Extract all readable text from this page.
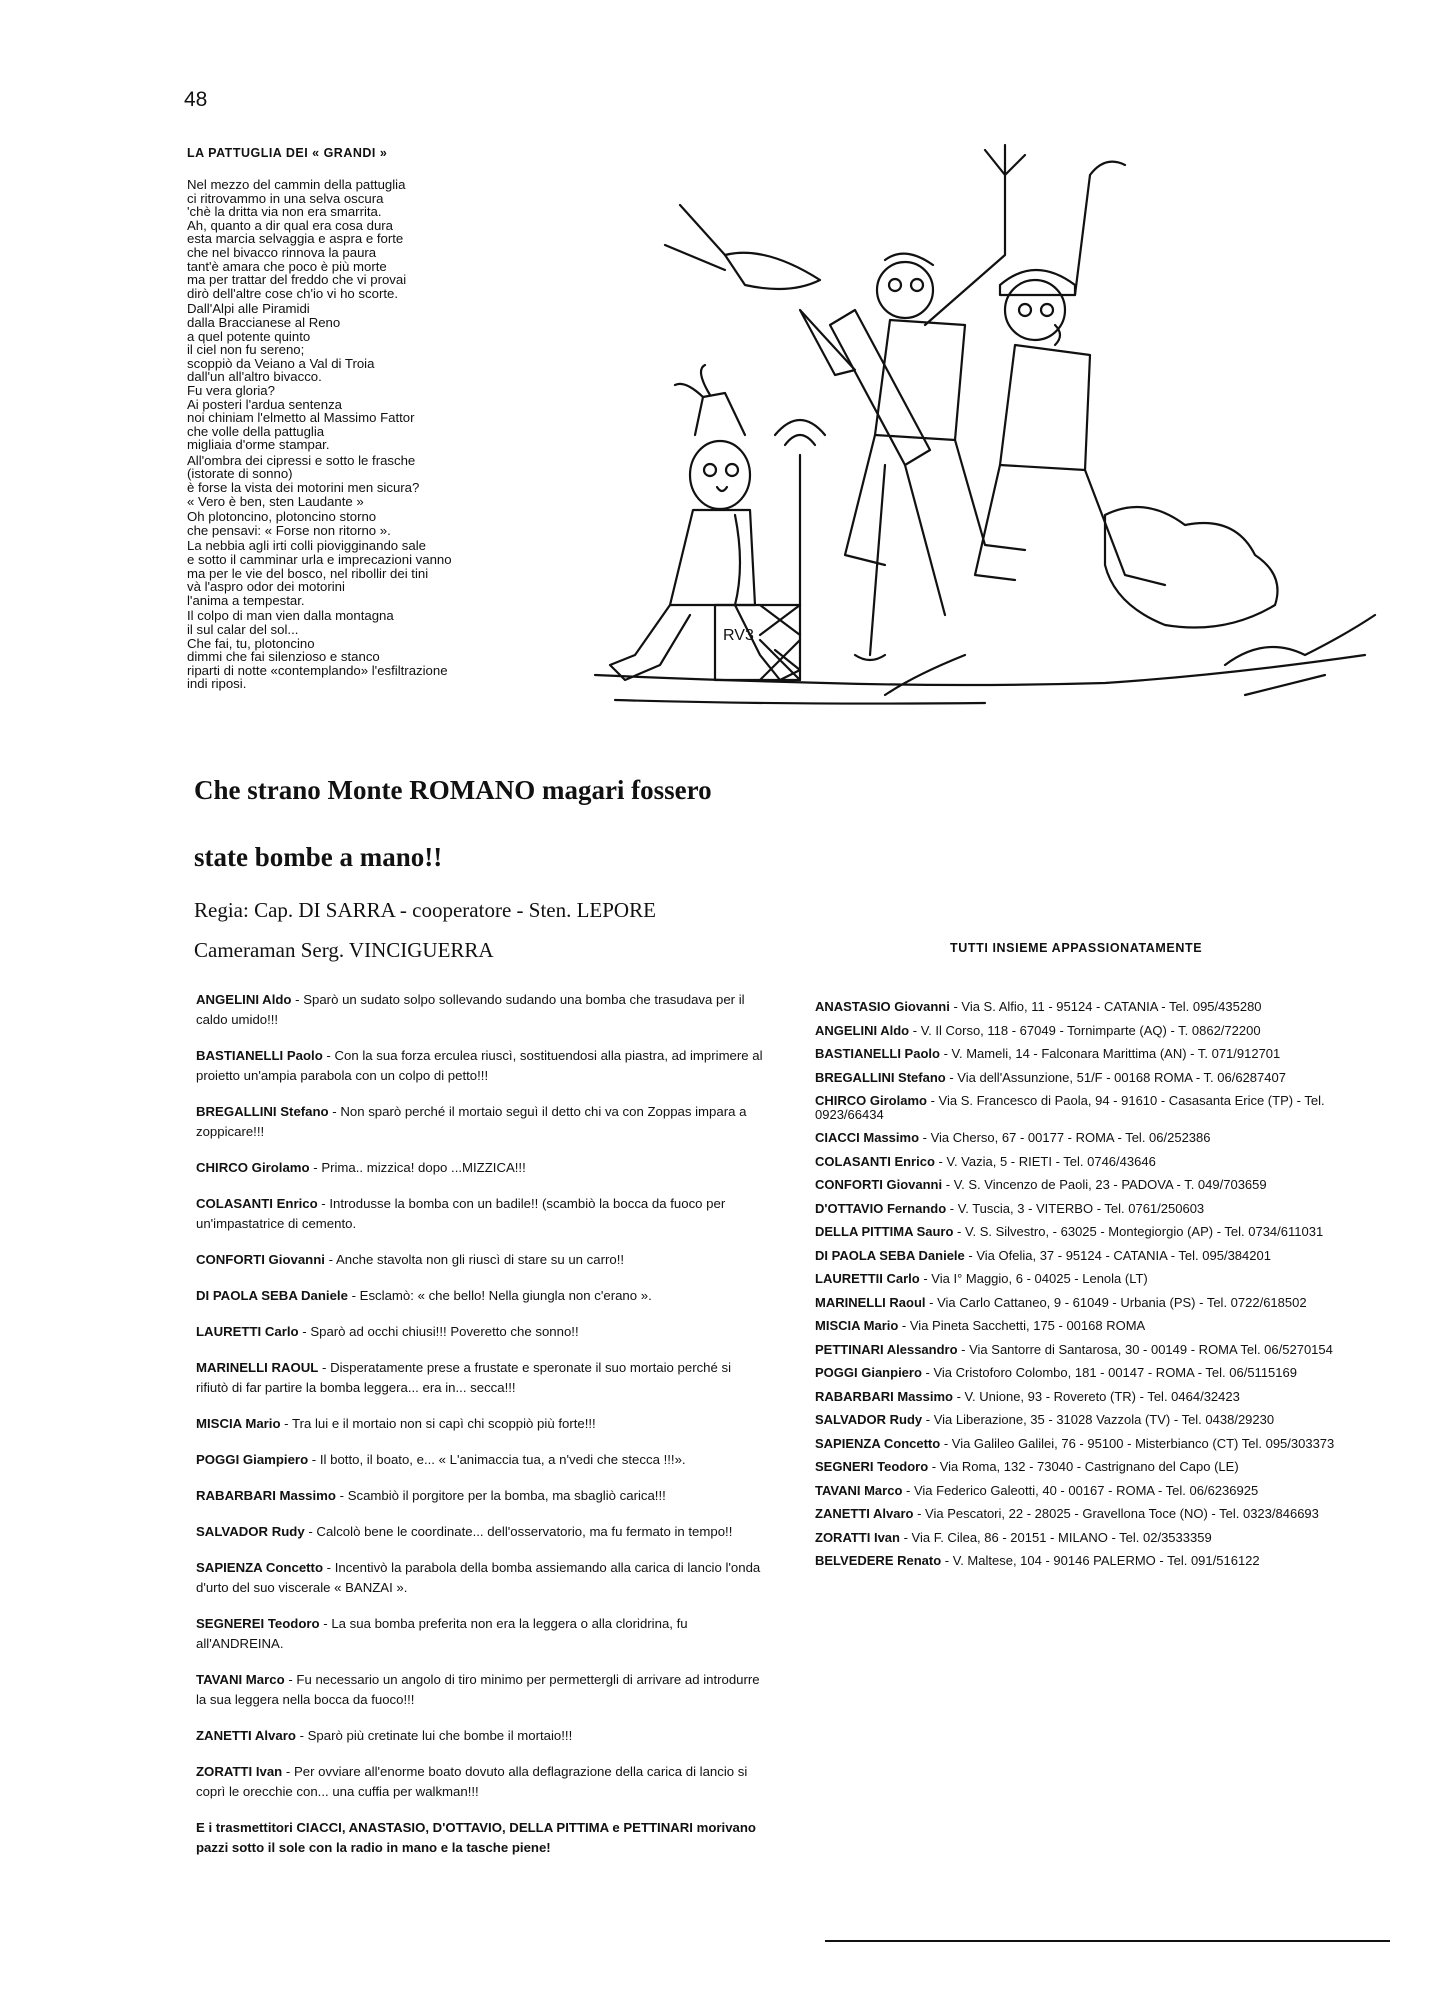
48
LA PATTUGLIA DEI « GRANDI »
Nel mezzo del cammin della pattuglia
ci ritrovammo in una selva oscura
'chè la dritta via non era smarrita.
Ah, quanto a dir qual era cosa dura
esta marcia selvaggia e aspra e forte
che nel bivacco rinnova la paura
tant'è amara che poco è più morte
ma per trattar del freddo che vi provai
dirò dell'altre cose ch'io vi ho scorte.
Dall'Alpi alle Piramidi
dalla Braccianese al Reno
a quel potente quinto
il ciel non fu sereno;
scoppiò da Veiano a Val di Troia
dall'un all'altro bivacco.
Fu vera gloria?
Ai posteri l'ardua sentenza
noi chiniam l'elmetto al Massimo Fattor
che volle della pattuglia
migliaia d'orme stampar.
All'ombra dei cipressi e sotto le frasche
(istorate di sonno)
è forse la vista dei motorini men sicura?
« Vero è ben, sten Laudante »
Oh plotoncino, plotoncino storno
che pensavi: « Forse non ritorno ».
La nebbia agli irti colli piovigginando sale
e sotto il camminar urla e imprecazioni vanno
ma per le vie del bosco, nel ribollir dei tini
và l'aspro odor dei motorini
l'anima a tempestar.
Il colpo di man vien dalla montagna
il sul calar del sol...
Che fai, tu, plotoncino
dimmi che fai silenzioso e stanco
riparti di notte «contemplando» l'esfiltrazione
indi riposi.
RV3
Che strano Monte ROMANO magari fossero
state bombe a mano!!
Regia: Cap. DI SARRA - cooperatore - Sten. LEPORE
Cameraman Serg. VINCIGUERRA	TUTTI INSIEME APPASSIONATAMENTE
ANGELINI Aldo - Sparò un sudato solpo sollevando sudando una bomba che trasudava per il caldo umido!!!
BASTIANELLI Paolo - Con la sua forza erculea riuscì, sostituendosi alla piastra, ad imprimere al proietto un'ampia parabola con un colpo di petto!!!
BREGALLINI Stefano - Non sparò perché il mortaio seguì il detto chi va con Zoppas impara a zoppicare!!!
CHIRCO Girolamo - Prima.. mizzica! dopo ...MIZZICA!!!
COLASANTI Enrico - Introdusse la bomba con un badile!! (scambiò la bocca da fuoco per un'impastatrice di cemento.
CONFORTI Giovanni - Anche stavolta non gli riuscì di stare su un carro!!
DI PAOLA SEBA Daniele - Esclamò: « che bello! Nella giungla non c'erano ».
LAURETTI Carlo - Sparò ad occhi chiusi!!! Poveretto che sonno!!
MARINELLI RAOUL - Disperatamente prese a frustate e speronate il suo mortaio perché si rifiutò di far partire la bomba leggera... era in... secca!!!
MISCIA Mario - Tra lui e il mortaio non si capì chi scoppiò più forte!!!
POGGI Giampiero - Il botto, il boato, e... « L'animaccia tua, a n'vedi che stecca !!!».
RABARBARI Massimo - Scambiò il porgitore per la bomba, ma sbagliò carica!!!
SALVADOR Rudy - Calcolò bene le coordinate... dell'osservatorio, ma fu fermato in tempo!!
SAPIENZA Concetto - Incentivò la parabola della bomba assiemando alla carica di lancio l'onda d'urto del suo viscerale « BANZAI ».
SEGNEREI Teodoro - La sua bomba preferita non era la leggera o alla cloridrina, fu all'ANDREINA.
TAVANI Marco - Fu necessario un angolo di tiro minimo per permettergli di arrivare ad introdurre la sua leggera nella bocca da fuoco!!!
ZANETTI Alvaro - Sparò più cretinate lui che bombe il mortaio!!!
ZORATTI Ivan - Per ovviare all'enorme boato dovuto alla deflagrazione della carica di lancio si coprì le orecchie con... una cuffia per walkman!!!
E i trasmettitori CIACCI, ANASTASIO, D'OTTAVIO, DELLA PITTIMA e PETTINARI morivano pazzi sotto il sole con la radio in mano e la tasche piene!
ANASTASIO Giovanni - Via S. Alfio, 11 - 95124 - CATANIA - Tel. 095/435280
ANGELINI Aldo - V. Il Corso, 118 - 67049 - Tornimparte (AQ) - T. 0862/72200
BASTIANELLI Paolo - V. Mameli, 14 - Falconara Marittima (AN) - T. 071/912701
BREGALLINI Stefano - Via dell'Assunzione, 51/F - 00168 ROMA - T. 06/6287407
CHIRCO Girolamo - Via S. Francesco di Paola, 94 - 91610 - Casasanta Erice (TP) - Tel. 0923/66434
CIACCI Massimo - Via Cherso, 67 - 00177 - ROMA - Tel. 06/252386
COLASANTI Enrico - V. Vazia, 5 - RIETI - Tel. 0746/43646
CONFORTI Giovanni - V. S. Vincenzo de Paoli, 23 - PADOVA - T. 049/703659
D'OTTAVIO Fernando - V. Tuscia, 3 - VITERBO - Tel. 0761/250603
DELLA PITTIMA Sauro - V. S. Silvestro, - 63025 - Montegiorgio (AP) - Tel. 0734/611031
DI PAOLA SEBA Daniele - Via Ofelia, 37 - 95124 - CATANIA - Tel. 095/384201
LAURETTII Carlo - Via I° Maggio, 6 - 04025 - Lenola (LT)
MARINELLI Raoul - Via Carlo Cattaneo, 9 - 61049 - Urbania (PS) - Tel. 0722/618502
MISCIA Mario - Via Pineta Sacchetti, 175 - 00168 ROMA
PETTINARI Alessandro - Via Santorre di Santarosa, 30 - 00149 - ROMA Tel. 06/5270154
POGGI Gianpiero - Via Cristoforo Colombo, 181 - 00147 - ROMA - Tel. 06/5115169
RABARBARI Massimo - V. Unione, 93 - Rovereto (TR) - Tel. 0464/32423
SALVADOR Rudy - Via Liberazione, 35 - 31028 Vazzola (TV) - Tel. 0438/29230
SAPIENZA Concetto - Via Galileo Galilei, 76 - 95100 - Misterbianco (CT) Tel. 095/303373
SEGNERI Teodoro - Via Roma, 132 - 73040 - Castrignano del Capo (LE)
TAVANI Marco - Via Federico Galeotti, 40 - 00167 - ROMA - Tel. 06/6236925
ZANETTI Alvaro - Via Pescatori, 22 - 28025 - Gravellona Toce (NO) - Tel. 0323/846693
ZORATTI Ivan - Via F. Cilea, 86 - 20151 - MILANO - Tel. 02/3533359
BELVEDERE Renato - V. Maltese, 104 - 90146 PALERMO - Tel. 091/516122
